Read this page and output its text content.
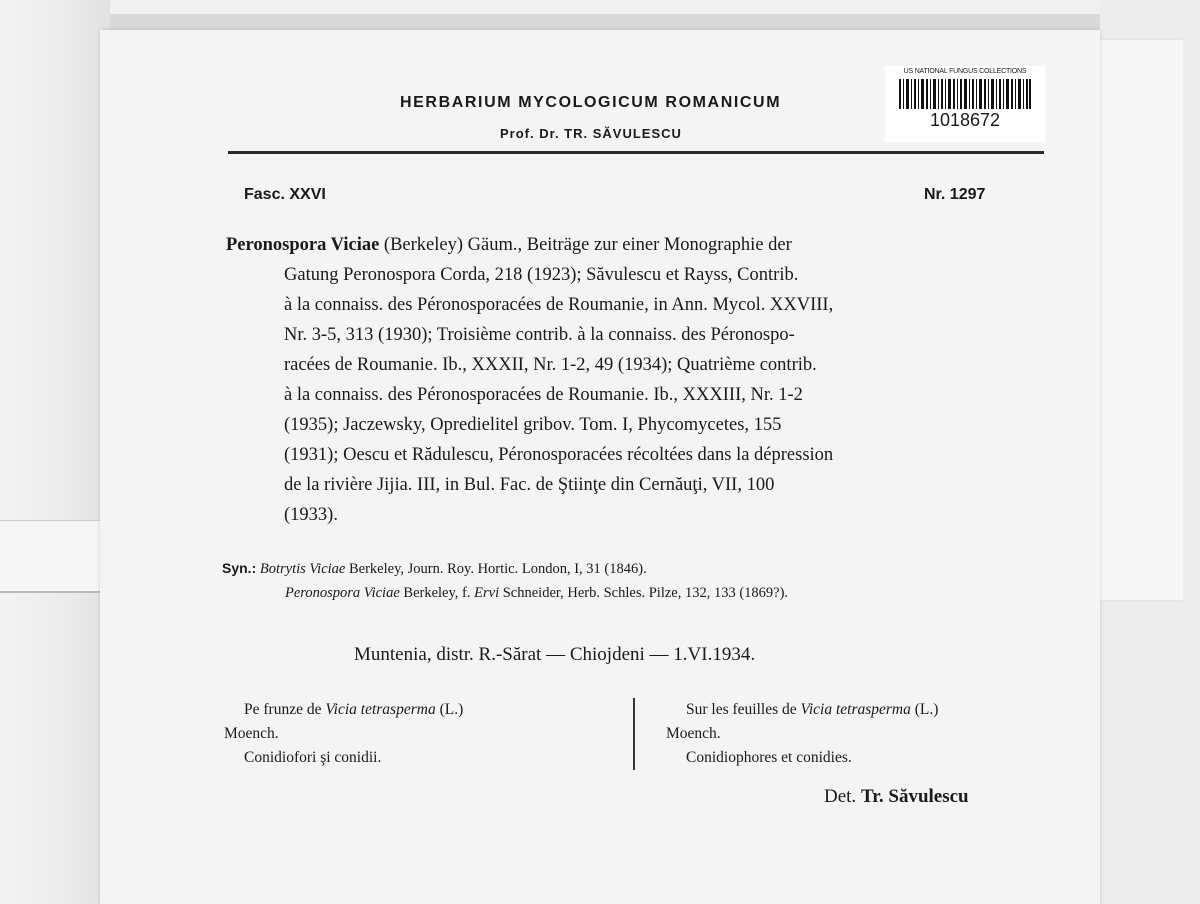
US NATIONAL FUNGUS COLLECTIONS
1018672
HERBARIUM MYCOLOGICUM ROMANICUM
Prof. Dr. TR. SĂVULESCU
Fasc. XXVI	Nr. 1297
Peronospora Viciae (Berkeley) Gäum., Beiträge zur einer Monographie der
Gatung Peronospora Corda, 218 (1923); Săvulescu et Rayss, Contrib.
à la connaiss. des Péronosporacées de Roumanie, in Ann. Mycol. XXVIII,
Nr. 3-5, 313 (1930); Troisième contrib. à la connaiss. des Péronospo-
racées de Roumanie. Ib., XXXII, Nr. 1-2, 49 (1934); Quatrième contrib.
à la connaiss. des Péronosporacées de Roumanie. Ib., XXXIII, Nr. 1-2
(1935); Jaczewsky, Opredielitel gribov. Tom. I, Phycomycetes, 155
(1931); Oescu et Rădulescu, Péronosporacées récoltées dans la dépression
de la rivière Jijia. III, in Bul. Fac. de Ştiinţe din Cernăuţi, VII, 100
(1933).
Syn.: Botrytis Viciae Berkeley, Journ. Roy. Hortic. London, I, 31 (1846).
Peronospora Viciae Berkeley, f. Ervi Schneider, Herb. Schles. Pilze, 132, 133 (1869?).
Muntenia, distr. R.-Sărat — Chiojdeni — 1.VI.1934.
Pe frunze de Vicia tetrasperma (L.)
Moench.
Conidiofori şi conidii.
Sur les feuilles de Vicia tetrasperma (L.)
Moench.
Conidiophores et conidies.
Det. Tr. Săvulescu
